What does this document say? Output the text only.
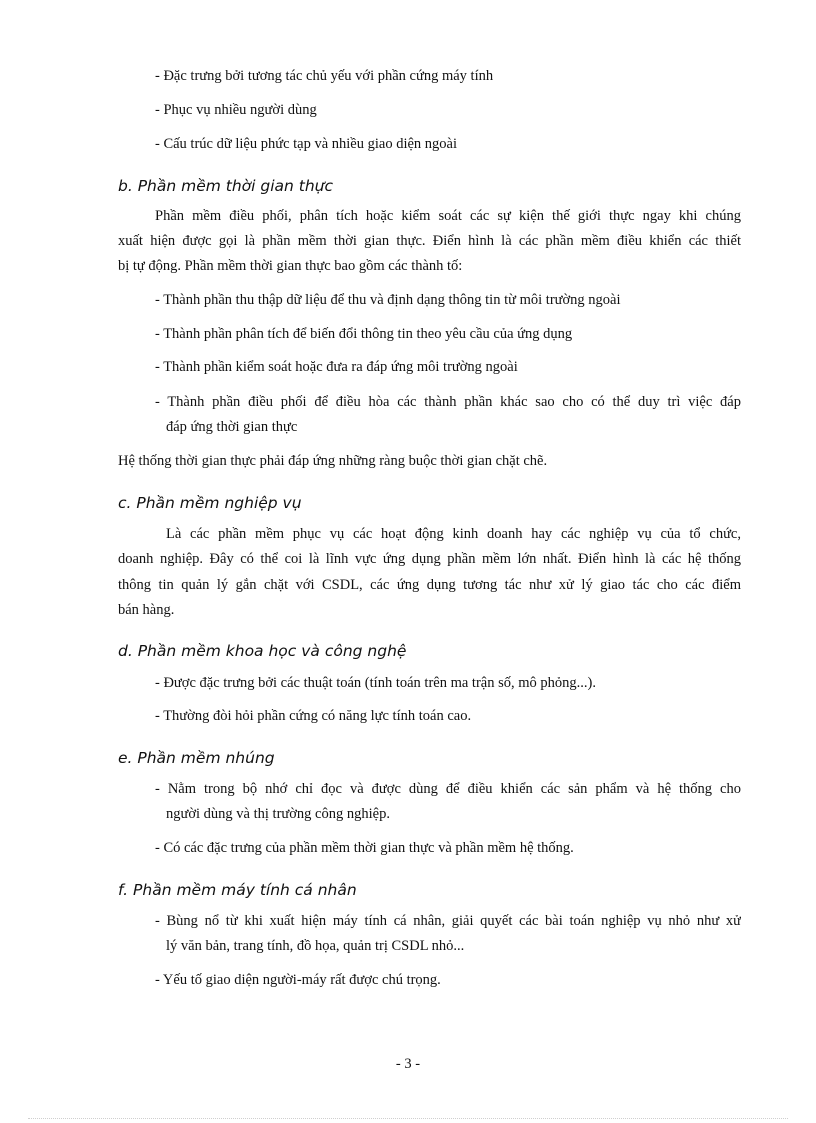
- Đặc trưng bởi tương tác chủ yếu với phần cứng máy tính
- Phục vụ nhiều người dùng
- Cấu trúc dữ liệu phức tạp và nhiều giao diện ngoài
b. Phần mềm thời gian thực
Phần mềm điều phối, phân tích hoặc kiểm soát các sự kiện thế giới thực ngay khi chúng
xuất hiện được gọi là phần mềm thời gian thực. Điển hình là các phần mềm điều khiển các thiết
bị tự động. Phần mềm thời gian thực bao gồm các thành tố:
- Thành phần thu thập dữ liệu để thu và định dạng thông tin từ môi trường ngoài
- Thành phần phân tích để biến đổi thông tin theo yêu cầu của ứng dụng
- Thành phần kiểm soát hoặc đưa ra đáp ứng môi trường ngoài
- Thành phần điều phối để điều hòa các thành phần khác sao cho có thể duy trì việc đáp
đáp ứng thời gian thực
Hệ thống thời gian thực phải đáp ứng những ràng buộc thời gian chặt chẽ.
c. Phần mềm nghiệp vụ
Là các phần mềm phục vụ các hoạt động kinh doanh hay các nghiệp vụ của tổ chức,
doanh nghiệp. Đây có thể coi là lĩnh vực ứng dụng phần mềm lớn nhất. Điển hình là các hệ thống
thông tin quản lý gắn chặt với CSDL, các ứng dụng tương tác như xử lý giao tác cho các điểm
bán hàng.
d. Phần mềm khoa học và công nghệ
- Được đặc trưng bởi các thuật toán (tính toán trên ma trận số, mô phỏng...).
- Thường đòi hỏi phần cứng có năng lực tính toán cao.
e. Phần mềm nhúng
- Nằm trong bộ nhớ chỉ đọc và được dùng để điều khiển các sản phẩm và hệ thống cho
người dùng và thị trường công nghiệp.
- Có các đặc trưng của phần mềm thời gian thực và phần mềm hệ thống.
f. Phần mềm máy tính cá nhân
- Bùng nổ từ khi xuất hiện máy tính cá nhân, giải quyết các bài toán nghiệp vụ nhỏ như xử
lý văn bản, trang tính, đồ họa, quản trị CSDL nhỏ...
- Yếu tố giao diện người-máy rất được chú trọng.
- 3 -
